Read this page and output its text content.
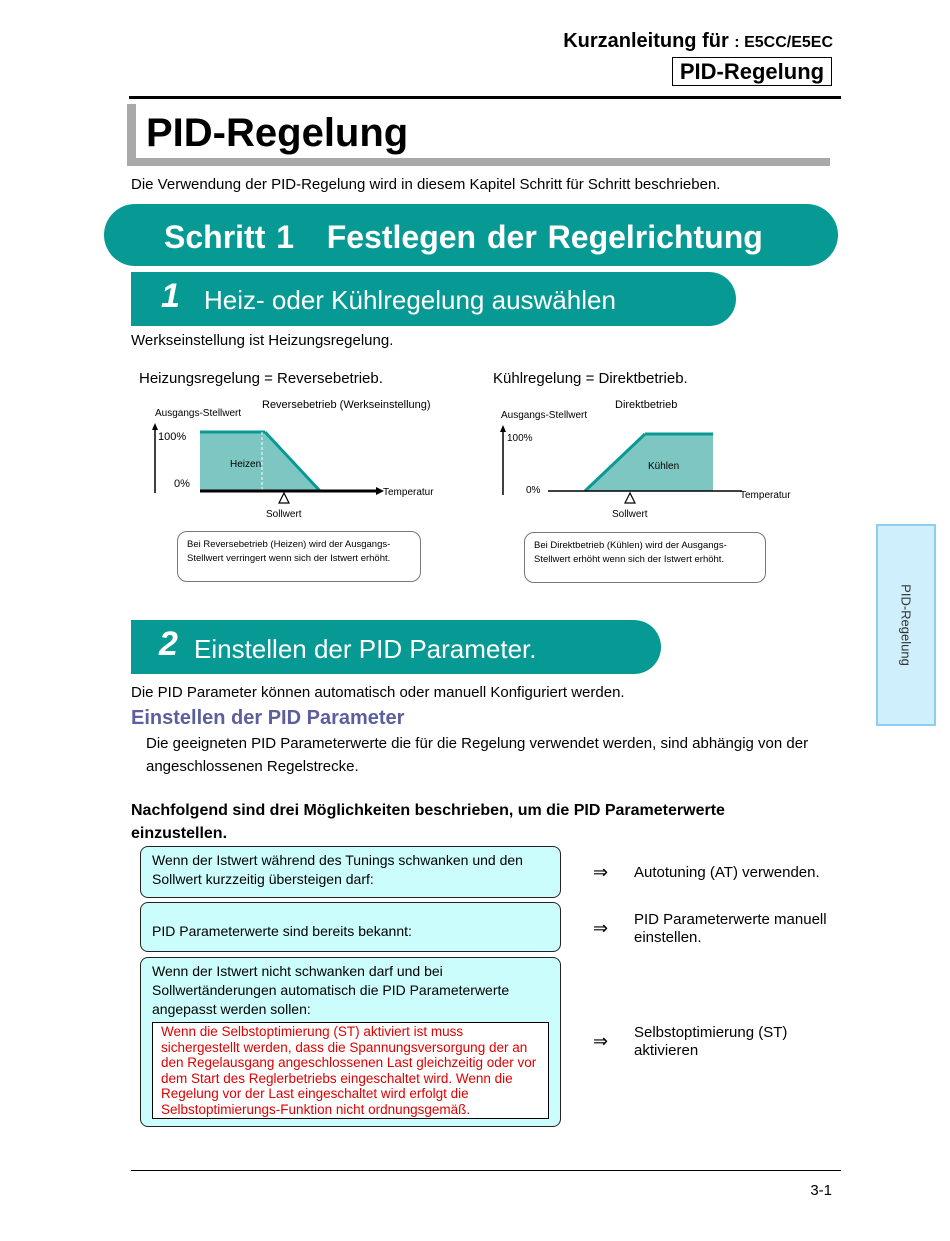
Kurzanleitung für : E5CC/E5EC
PID-Regelung
PID-Regelung
Die Verwendung der PID-Regelung wird in diesem Kapitel Schritt für Schritt beschrieben.
Schritt 1 Festlegen der Regelrichtung
1 Heiz- oder Kühlregelung auswählen
Werkseinstellung ist Heizungsregelung.
Heizungsregelung = Reversebetrieb.
Reversebetrieb (Werkseinstellung)
Ausgangs-Stellwert
100%
0%
Heizen
Temperatur
Sollwert
Bei Reversebetrieb (Heizen) wird der Ausgangs-Stellwert verringert wenn sich der Istwert erhöht.
Kühlregelung = Direktbetrieb.
Direktbetrieb
Ausgangs-Stellwert
100%
0%
Kühlen
Temperatur
Sollwert
Bei Direktbetrieb (Kühlen) wird der Ausgangs-Stellwert erhöht wenn sich der Istwert erhöht.
PID-Regelung
2 Einstellen der PID Parameter.
Die PID Parameter können automatisch oder manuell Konfiguriert werden.
Einstellen der PID Parameter
Die geeigneten PID Parameterwerte die für die Regelung verwendet werden, sind abhängig von der
angeschlossenen Regelstrecke.
Nachfolgend sind drei Möglichkeiten beschrieben, um die PID Parameterwerte
einzustellen.
Wenn der Istwert während des Tunings schwanken und den Sollwert kurzzeitig übersteigen darf:	⇒ Autotuning (AT) verwenden.
PID Parameterwerte sind bereits bekannt:	⇒ PID Parameterwerte manuell einstellen.
Wenn der Istwert nicht schwanken darf und bei Sollwertänderungen automatisch die PID Parameterwerte angepasst werden sollen:
Wenn die Selbstoptimierung (ST) aktiviert ist muss sichergestellt werden, dass die Spannungsversorgung der an den Regelausgang angeschlossenen Last gleichzeitig oder vor dem Start des Reglerbetriebs eingeschaltet wird. Wenn die Regelung vor der Last eingeschaltet wird erfolgt die Selbstoptimierungs-Funktion nicht ordnungsgemäß.
⇒ Selbstoptimierung (ST) aktivieren
3-1
